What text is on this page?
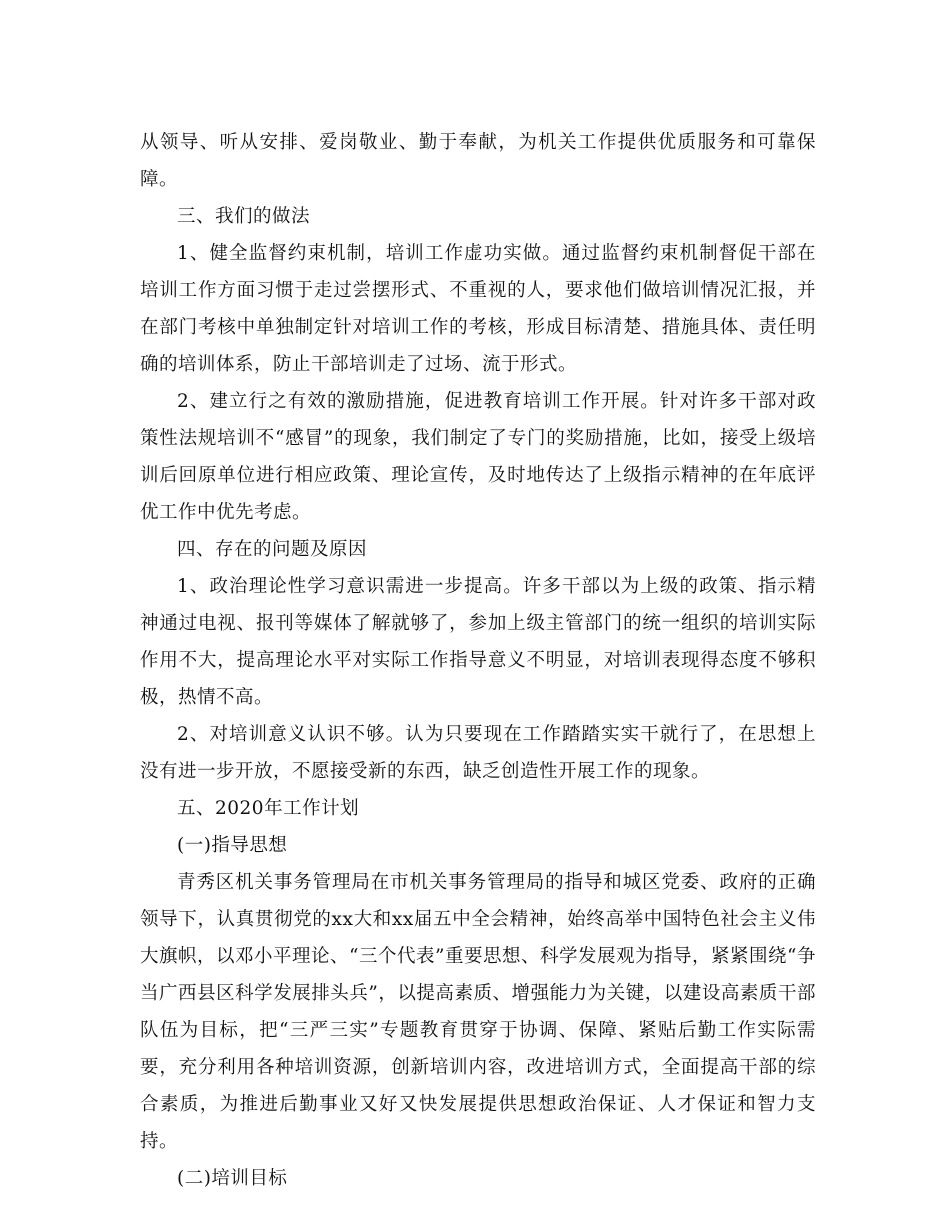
从领导、听从安排、爱岗敬业、勤于奉献，为机关工作提供优质服务和可靠保障。

三、我们的做法

1、健全监督约束机制，培训工作虚功实做。通过监督约束机制督促干部在培训工作方面习惯于走过尝摆形式、不重视的人，要求他们做培训情况汇报，并在部门考核中单独制定针对培训工作的考核，形成目标清楚、措施具体、责任明确的培训体系，防止干部培训走了过场、流于形式。

2、建立行之有效的激励措施，促进教育培训工作开展。针对许多干部对政策性法规培训不“感冒”的现象，我们制定了专门的奖励措施，比如，接受上级培训后回原单位进行相应政策、理论宣传，及时地传达了上级指示精神的在年底评优工作中优先考虑。

四、存在的问题及原因

1、政治理论性学习意识需进一步提高。许多干部以为上级的政策、指示精神通过电视、报刊等媒体了解就够了，参加上级主管部门的统一组织的培训实际作用不大，提高理论水平对实际工作指导意义不明显，对培训表现得态度不够积极，热情不高。

2、对培训意义认识不够。认为只要现在工作踏踏实实干就行了，在思想上没有进一步开放，不愿接受新的东西，缺乏创造性开展工作的现象。

五、2020年工作计划

(一)指导思想

青秀区机关事务管理局在市机关事务管理局的指导和城区党委、政府的正确领导下，认真贯彻党的xx大和xx届五中全会精神，始终高举中国特色社会主义伟大旗帜，以邓小平理论、“三个代表”重要思想、科学发展观为指导，紧紧围绕“争当广西县区科学发展排头兵”，以提高素质、增强能力为关键，以建设高素质干部队伍为目标，把“三严三实”专题教育贯穿于协调、保障、紧贴后勤工作实际需要，充分利用各种培训资源，创新培训内容，改进培训方式，全面提高干部的综合素质，为推进后勤事业又好又快发展提供思想政治保证、人才保证和智力支持。

(二)培训目标
